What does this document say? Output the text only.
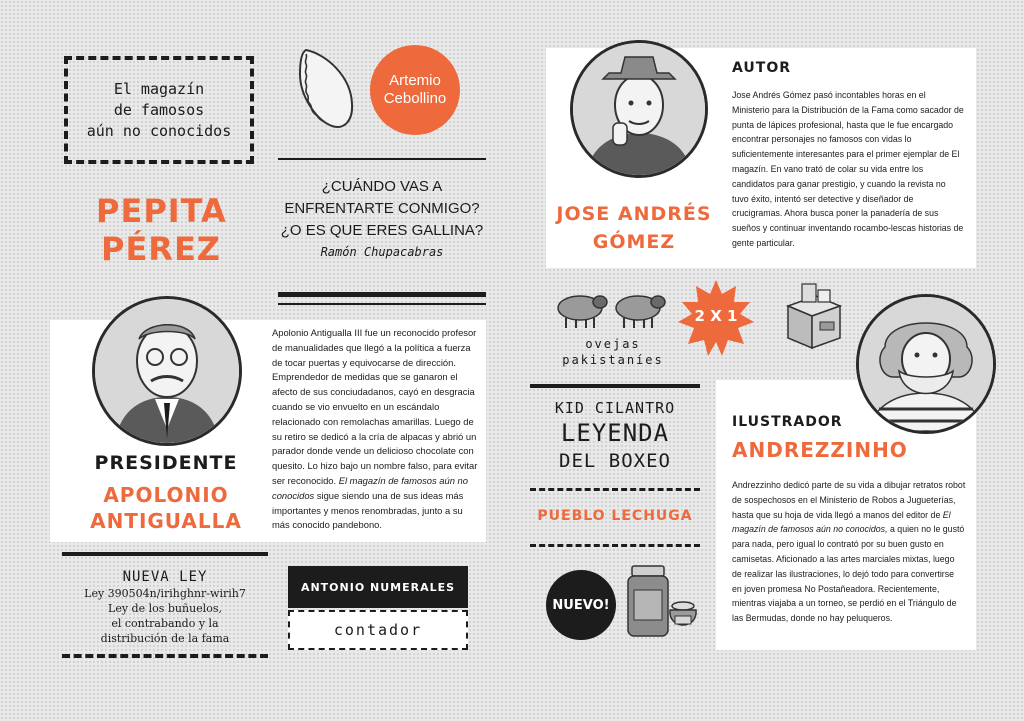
El magazín
de famosos
aún no conocidos
Artemio
Cebollino
PEPITA
PÉREZ
¿CUÁNDO VAS A
ENFRENTARTE CONMIGO?
¿O ES QUE ERES GALLINA?
Ramón Chupacabras
PRESIDENTE
APOLONIO
ANTIGUALLA
Apolonio Antigualla III fue un reconocido profesor de manualidades que llegó a la política a fuerza de tocar puertas y equivocarse de dirección. Emprendedor de medidas que se ganaron el afecto de sus conciudadanos, cayó en desgracia cuando se vio envuelto en un escándalo relacionado con remolachas amarillas. Luego de su retiro se dedicó a la cría de alpacas y abrió un parador donde vende un delicioso chocolate con quesito. Lo hizo bajo un nombre falso, para evitar ser reconocido. El magazín de famosos aún no conocidos sigue siendo una de sus ideas más importantes y menos renombradas, junto a su más conocido pandebono.
NUEVA LEY
Ley 390504n/irihghnr-wirih7
Ley de los buñuelos,
el contrabando y la
distribución de la fama
ANTONIO NUMERALES
contador
AUTOR
JOSE ANDRÉS
GÓMEZ
Jose Andrés Gómez pasó incontables horas en el Ministerio para la Distribución de la Fama como sacador de punta de lápices profesional, hasta que le fue encargado encontrar personajes no famosos con vidas lo suficientemente interesantes para el primer ejemplar de El magazín. En vano trató de colar su vida entre los candidatos para ganar prestigio, y cuando la revista no tuvo éxito, intentó ser detective y diseñador de crucigramas. Ahora busca poner la panadería de sus sueños y continuar inventando rocambo-lescas historias de gente particular.
ovejas
pakistaníes
2 X 1
ILUSTRADOR
ANDREZZINHO
Andrezzinho dedicó parte de su vida a dibujar retratos robot de sospechosos en el Ministerio de Robos a Jugueterías, hasta que su hoja de vida llegó a manos del editor de El magazín de famosos aún no conocidos, a quien no le gustó para nada, pero igual lo contrató por su buen gusto en camisetas. Aficionado a las artes marciales mixtas, luego de realizar las ilustraciones, lo dejó todo para convertirse en joven promesa No Postañeadora. Recientemente, mientras viajaba a un torneo, se perdió en el Triángulo de las Bermudas, donde no hay peluqueros.
KID CILANTRO
LEYENDA
DEL BOXEO
PUEBLO LECHUGA
NUEVO!
